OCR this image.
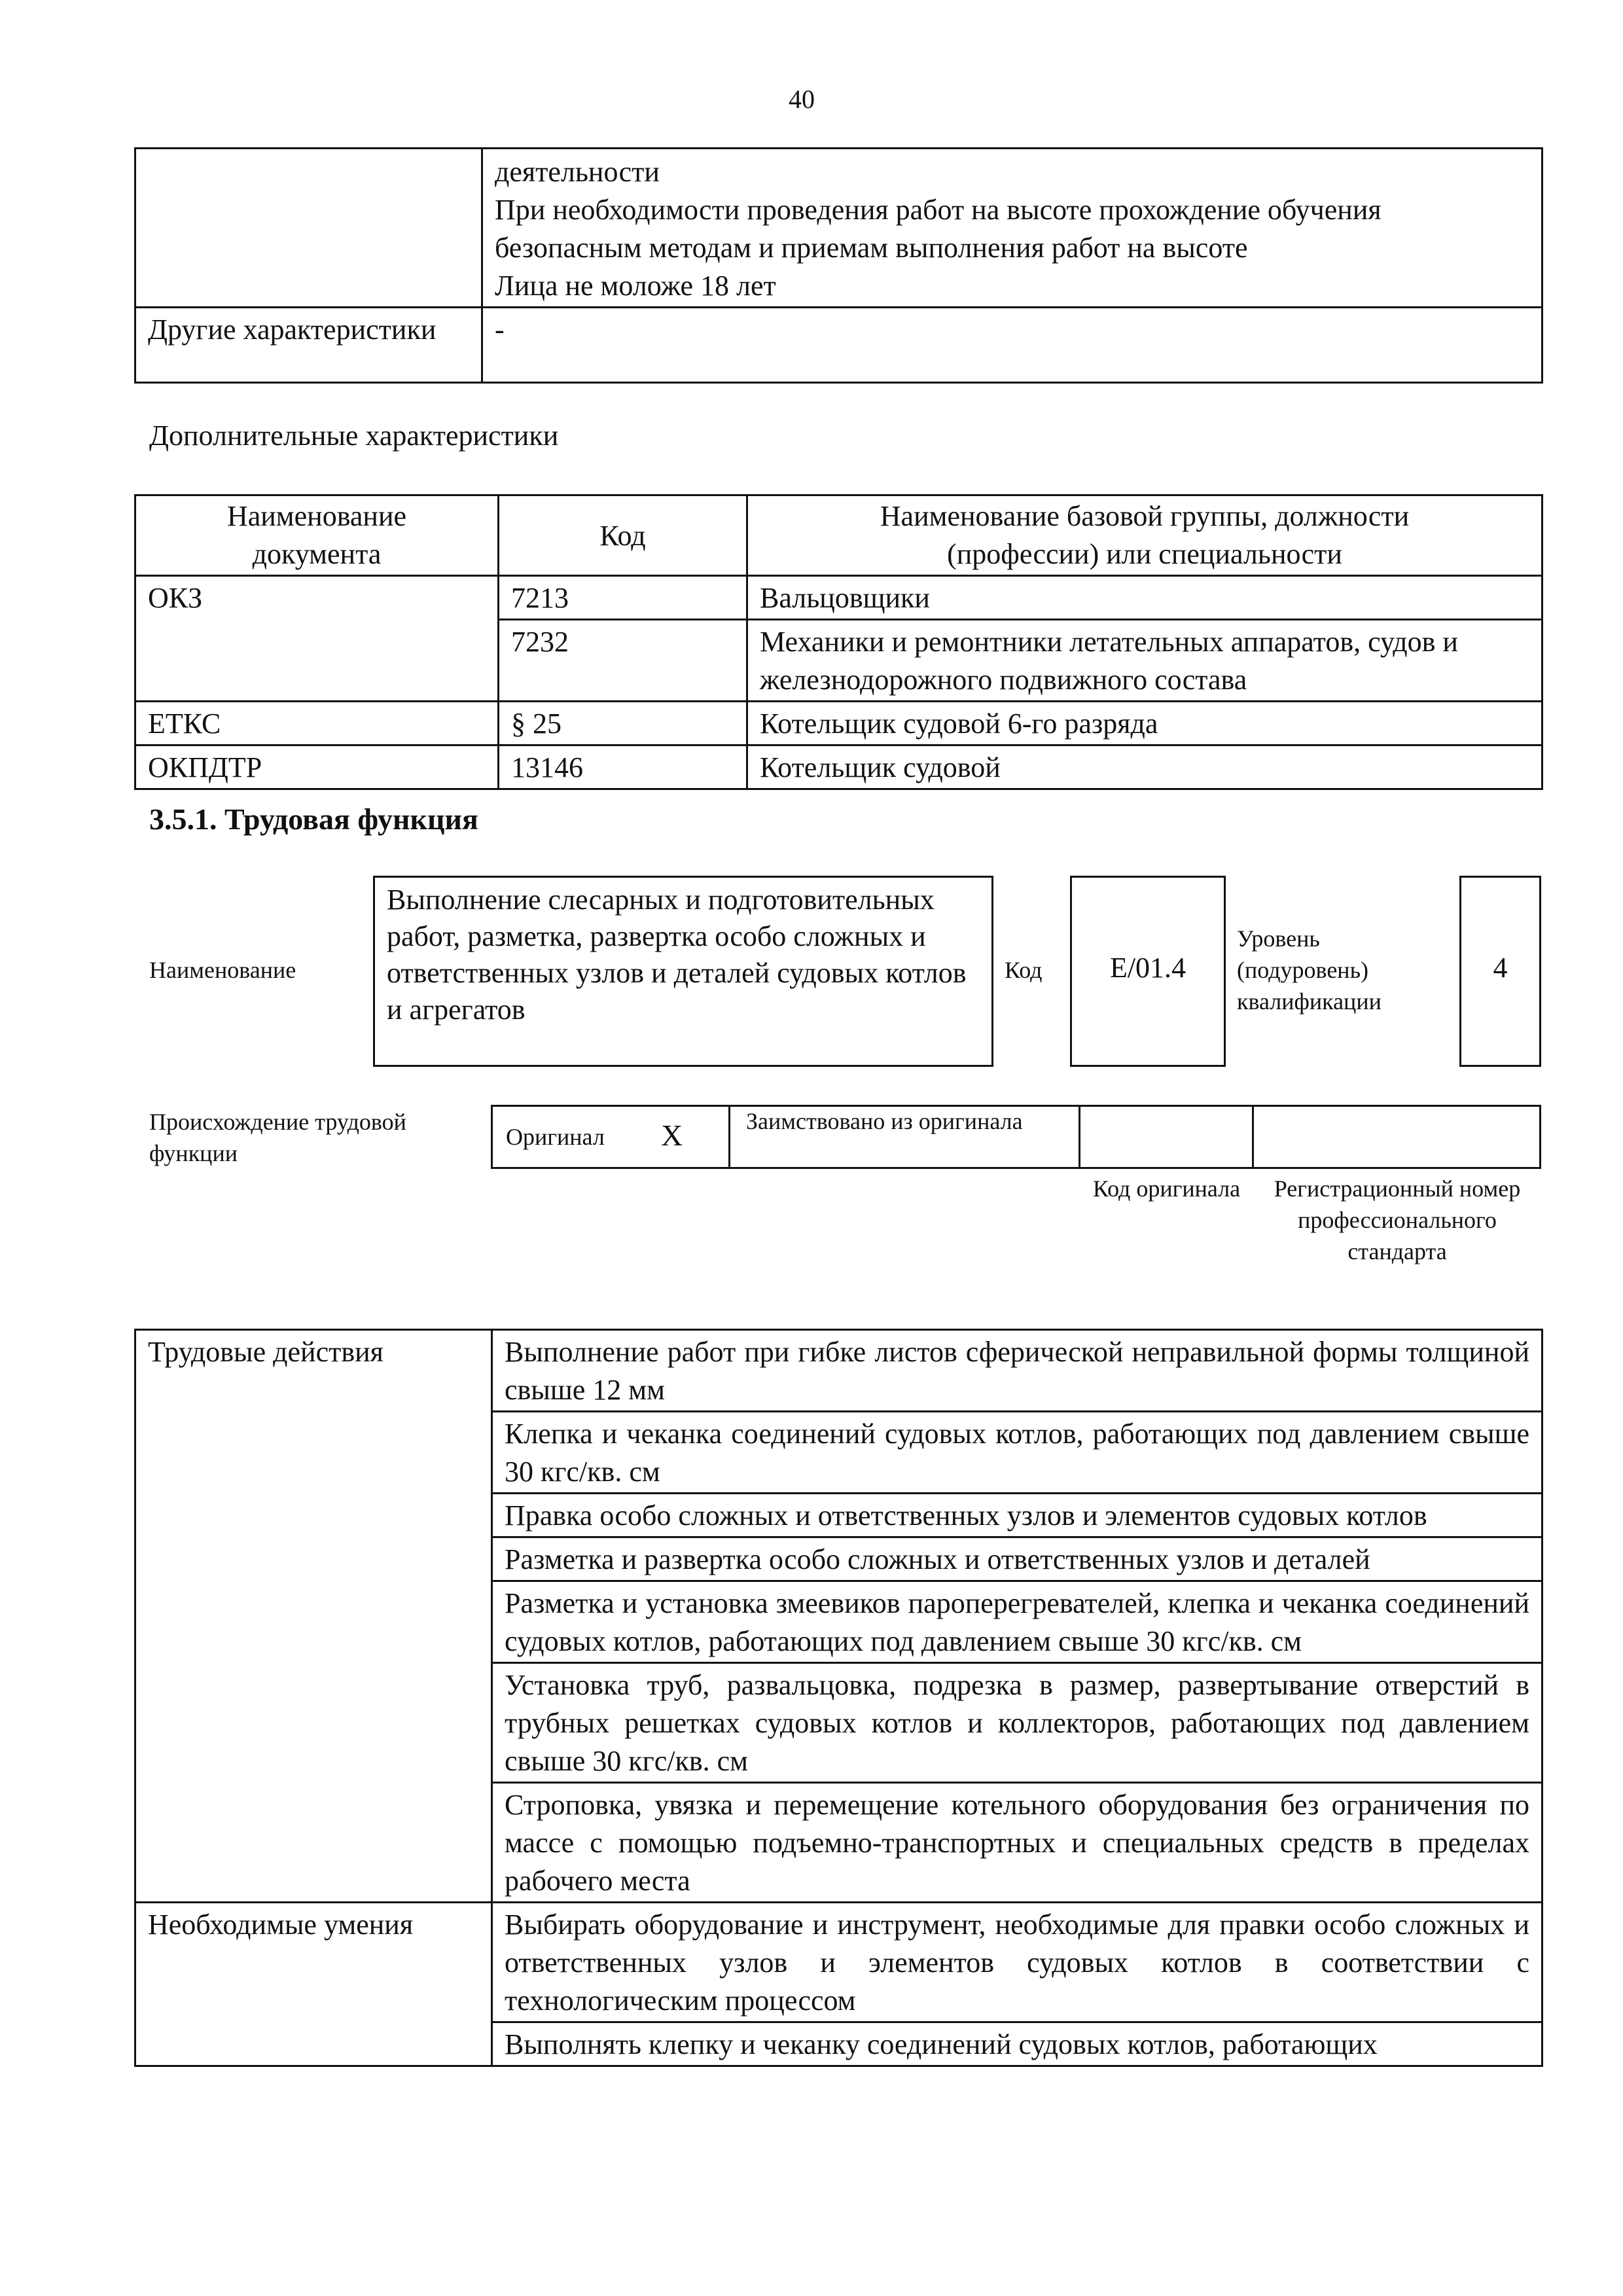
40

	деятельности
При необходимости проведения работ на высоте прохождение обучения безопасным методам и приемам выполнения работ на высоте
Лица не моложе 18 лет

Другие характеристики	-
Дополнительные характеристики
Наименование документа	Код	Наименование базовой группы, должности (профессии) или специальности
ОКЗ	7213	Вальцовщики
	7232	Механики и ремонтники летательных аппаратов, судов и железнодорожного подвижного состава
ЕТКС	§ 25	Котельщик судовой 6-го разряда
ОКПДТР	13146	Котельщик судовой
3.5.1. Трудовая функция
Наименование
Выполнение слесарных и подготовительных работ, разметка, развертка особо сложных и ответственных узлов и деталей судовых котлов и агрегатов
Код	E/01.4
Уровень (подуровень) квалификации
4
Происхождение трудовой функции
Оригинал X	Заимствовано из оригинала
Код оригинала	Регистрационный номер профессионального стандарта
Трудовые действия	Выполнение работ при гибке листов сферической неправильной формы толщиной свыше 12 мм
	Клепка и чеканка соединений судовых котлов, работающих под давлением свыше 30 кгс/кв. см
	Правка особо сложных и ответственных узлов и элементов судовых котлов
	Разметка и развертка особо сложных и ответственных узлов и деталей
	Разметка и установка змеевиков пароперегревателей, клепка и чеканка соединений судовых котлов, работающих под давлением свыше 30 кгс/кв. см
	Установка труб, развальцовка, подрезка в размер, развертывание отверстий в трубных решетках судовых котлов и коллекторов, работающих под давлением свыше 30 кгс/кв. см
	Строповка, увязка и перемещение котельного оборудования без ограничения по массе с помощью подъемно-транспортных и специальных средств в пределах рабочего места
Необходимые умения	Выбирать оборудование и инструмент, необходимые для правки особо сложных и ответственных узлов и элементов судовых котлов в соответствии с технологическим процессом
	Выполнять клепку и чеканку соединений судовых котлов, работающих
